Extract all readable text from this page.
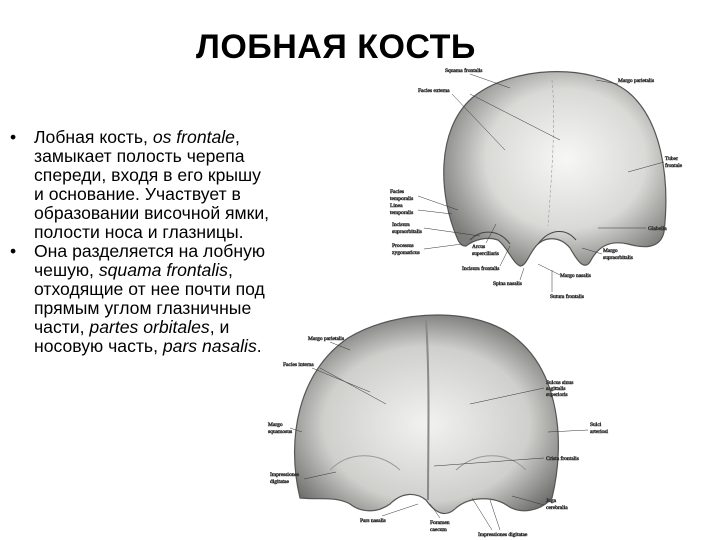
ЛОБНАЯ КОСТЬ
• Лобная кость, os frontale, замыкает полость черепа спереди, входя в его крышу и основание. Участвует в образовании височной ямки, полости носа и глазницы.
• Она разделяется на лобную чешую, squama frontalis, отходящие от нее почти под прямым углом глазничные части, partes orbitales, и носовую часть, pars nasalis.
Squama frontalis
Facies externa
Margo parietalis
Tuber
frontale
Facies
temporalis
Linea
temporalis
Incisura
supraorbitalis
Processus
zygomaticus
Arcus
superciliaris
Glabella
Margo
supraorbitalis
Incisura frontalis
Margo nasalis
Spina nasalis
Sutura frontalis
Margo parietalis
Facies interna
Sulcus sinus
sagittalis
superioris
Margo
squamosus
Sulci
arteriosi
Crista frontalis
Impressiones
digitatae
Juga
cerebralia
Pars nasalis	Foramen
caecum
Impressiones digitatae
